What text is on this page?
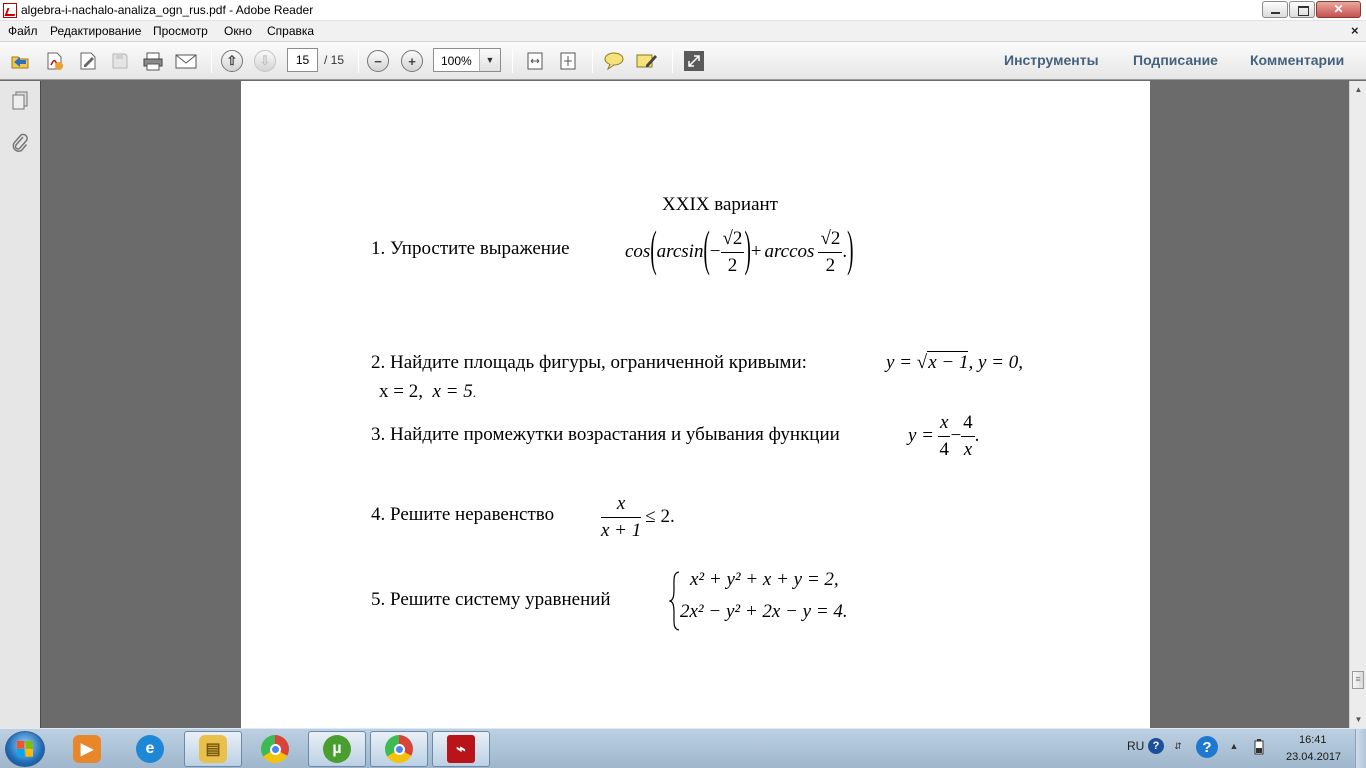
algebra-i-nachalo-analiza_ogn_rus.pdf - Adobe Reader	✕
Файл Редактирование Просмотр Окно Справка	×
⇧	⇩	−	+
15
/ 15	100%	▼	Инструменты Подписание Комментарии
XXIX вариант
1. Упростите выражение	cos ( arcsin ( − $\frac{√2}{2}$ ) + $\arccos \frac{√2}{2}$ . )
2. Найдите площадь фигуры, ограниченной кривыми:	y = √x − 1, y = 0,
x = 2, x = 5.
3. Найдите промежутки возрастания и убывания функции	$y = \frac{x}{4} - \frac{4}{x}$ .
4. Решите неравенство $\frac{x}{x + 1} \le 2$.
5. Решите систему уравнений
x² + y² + x + y = 2,
2x² − y² + 2x − y = 4.
▲
≡
▼
▶	e	▤	µ	⌁	RU ?	⇵	?	▲	16:41
23.04.2017
